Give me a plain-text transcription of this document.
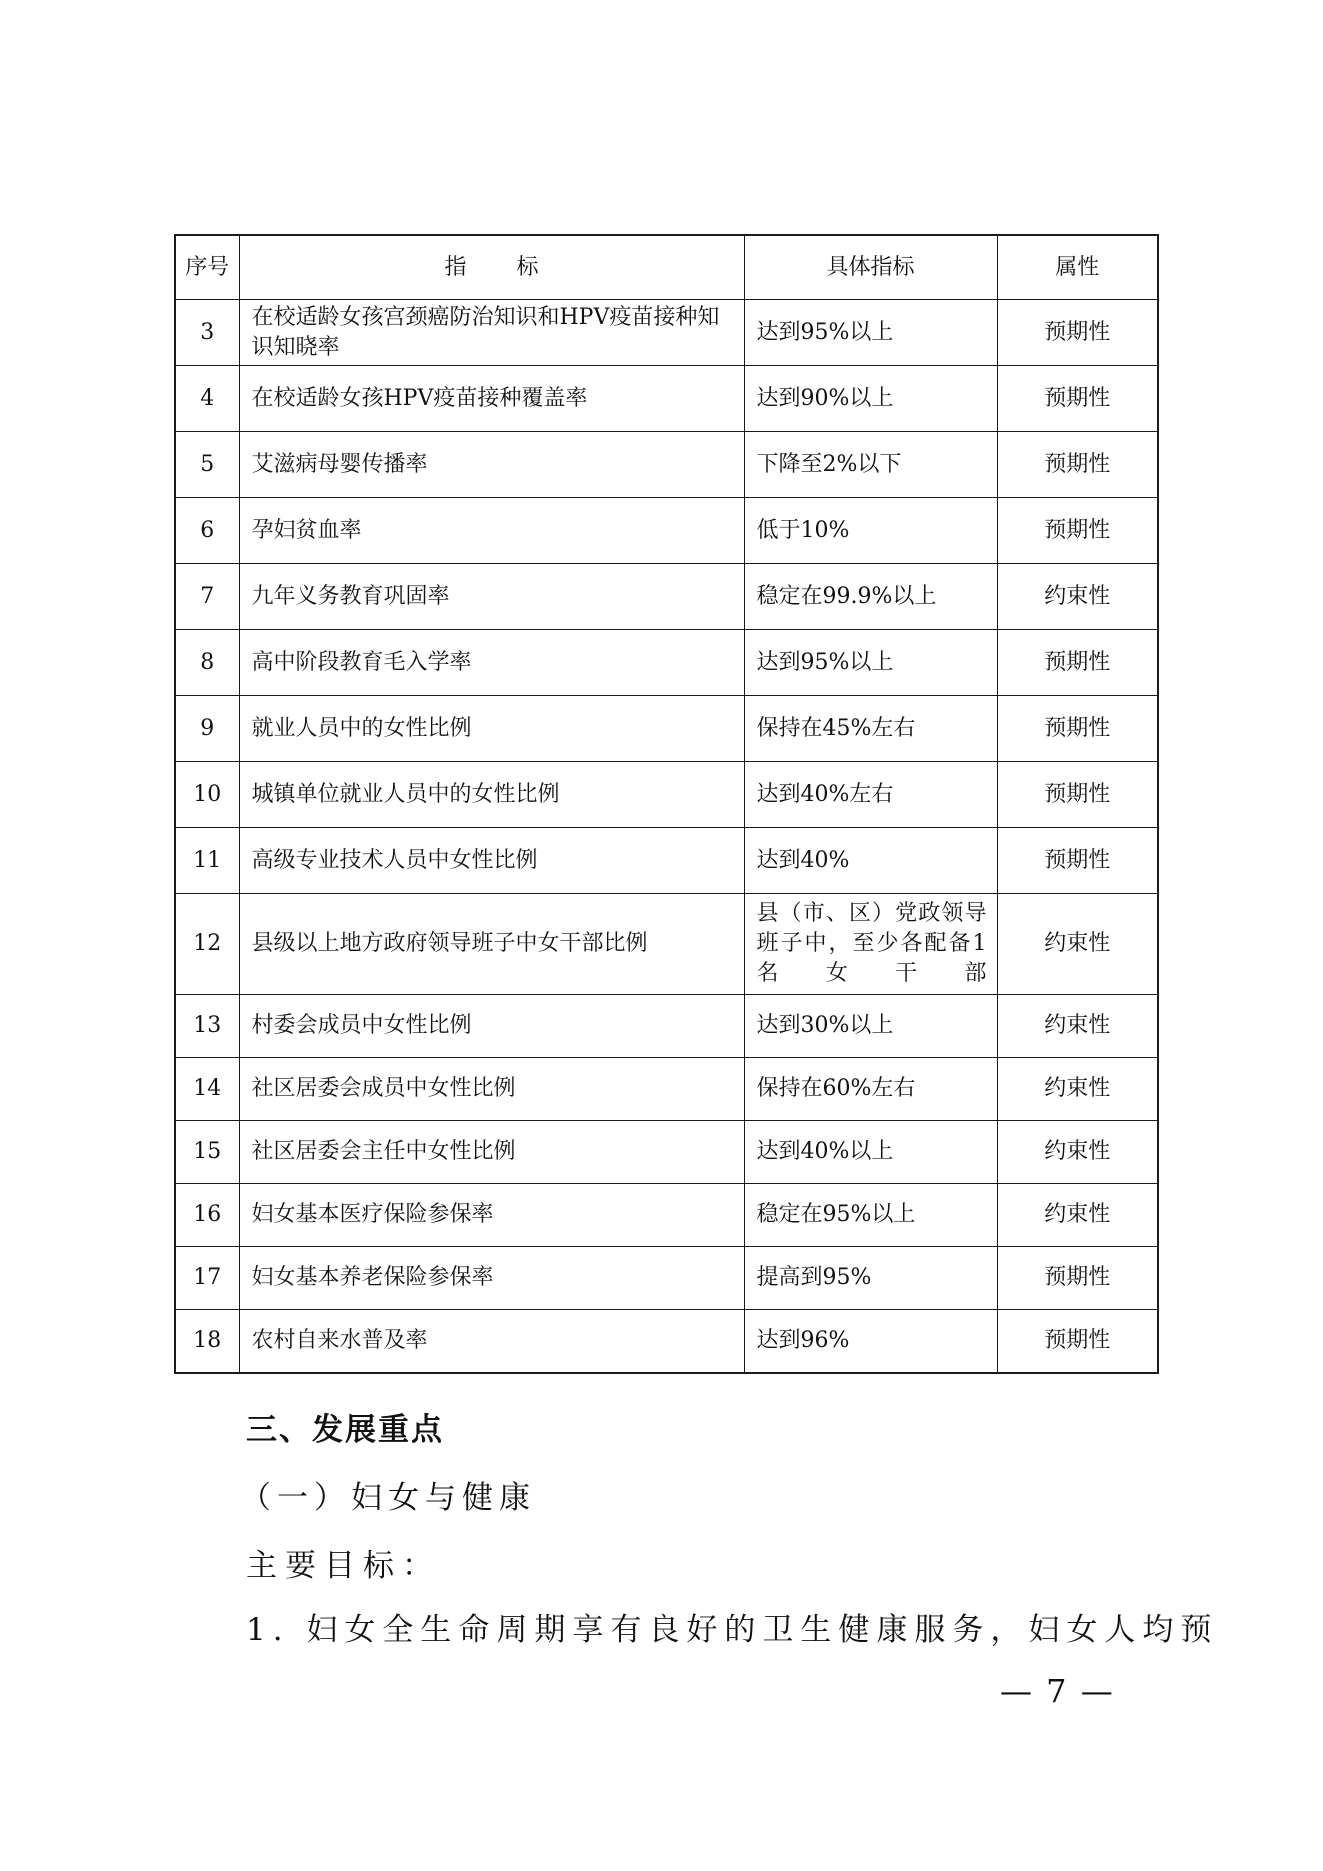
序号	指标	具体指标	属性
3	在校适龄女孩宫颈癌防治知识和HPV疫苗接种知识知晓率	达到95%以上	预期性
4	在校适龄女孩HPV疫苗接种覆盖率	达到90%以上	预期性
5	艾滋病母婴传播率	下降至2%以下	预期性
6	孕妇贫血率	低于10%	预期性
7	九年义务教育巩固率	稳定在99.9%以上	约束性
8	高中阶段教育毛入学率	达到95%以上	预期性
9	就业人员中的女性比例	保持在45%左右	预期性
10	城镇单位就业人员中的女性比例	达到40%左右	预期性
11	高级专业技术人员中女性比例	达到40%	预期性
12	县级以上地方政府领导班子中女干部比例	县（市、区）党政领导班子中，至少各配备1名女干部	约束性
13	村委会成员中女性比例	达到30%以上	约束性
14	社区居委会成员中女性比例	保持在60%左右	约束性
15	社区居委会主任中女性比例	达到40%以上	约束性
16	妇女基本医疗保险参保率	稳定在95%以上	约束性
17	妇女基本养老保险参保率	提高到95%	预期性
18	农村自来水普及率	达到96%	预期性
三、发展重点
（一）妇女与健康
主要目标：
1. 妇女全生命周期享有良好的卫生健康服务，妇女人均预
— 7 —
